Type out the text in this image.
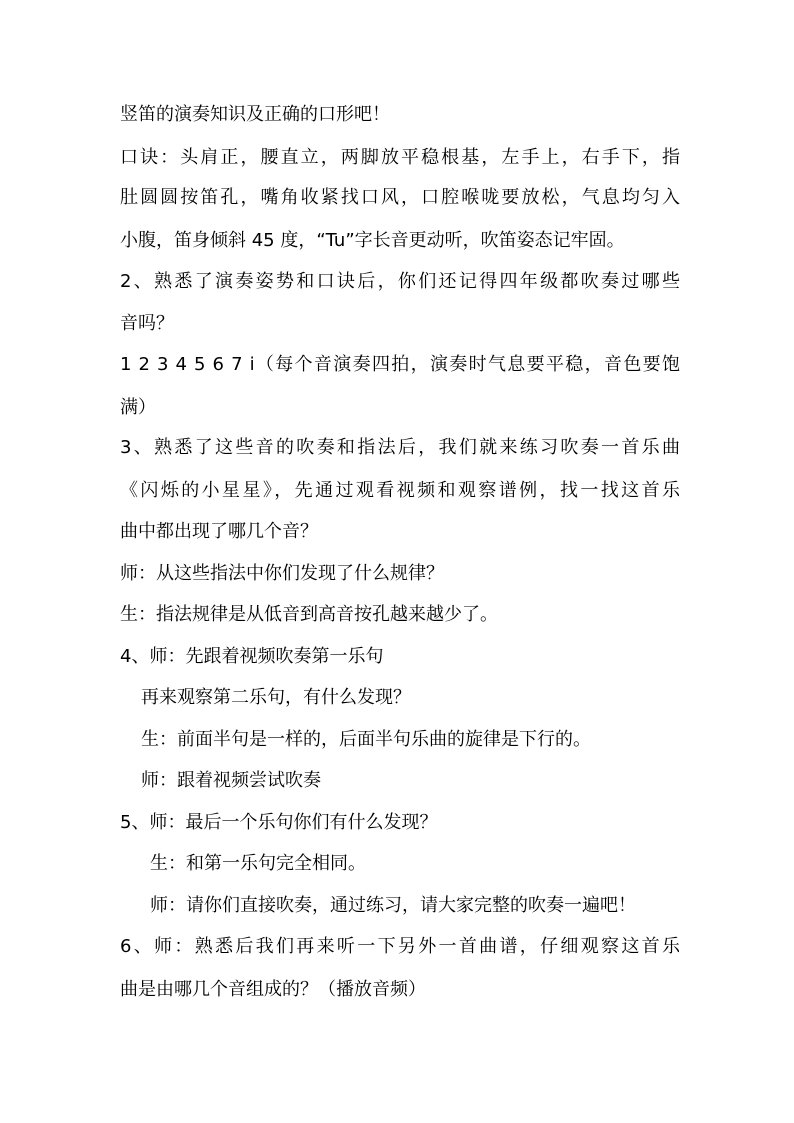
竖笛的演奏知识及正确的口形吧！
口诀：头肩正，腰直立，两脚放平稳根基，左手上，右手下，指
肚圆圆按笛孔，嘴角收紧找口风，口腔喉咙要放松，气息均匀入
小腹，笛身倾斜 45 度，“Tu”字长音更动听，吹笛姿态记牢固。
2、熟悉了演奏姿势和口诀后，你们还记得四年级都吹奏过哪些
音吗？
1 2 3 4 5 6 7 i（每个音演奏四拍，演奏时气息要平稳，音色要饱
满）
3、熟悉了这些音的吹奏和指法后，我们就来练习吹奏一首乐曲
《闪烁的小星星》，先通过观看视频和观察谱例，找一找这首乐
曲中都出现了哪几个音？
师：从这些指法中你们发现了什么规律？
生：指法规律是从低音到高音按孔越来越少了。
4、师：先跟着视频吹奏第一乐句
再来观察第二乐句，有什么发现？
生：前面半句是一样的，后面半句乐曲的旋律是下行的。
师：跟着视频尝试吹奏
5、师：最后一个乐句你们有什么发现？
生：和第一乐句完全相同。
师：请你们直接吹奏，通过练习，请大家完整的吹奏一遍吧！
6、师：熟悉后我们再来听一下另外一首曲谱，仔细观察这首乐
曲是由哪几个音组成的？（播放音频）
